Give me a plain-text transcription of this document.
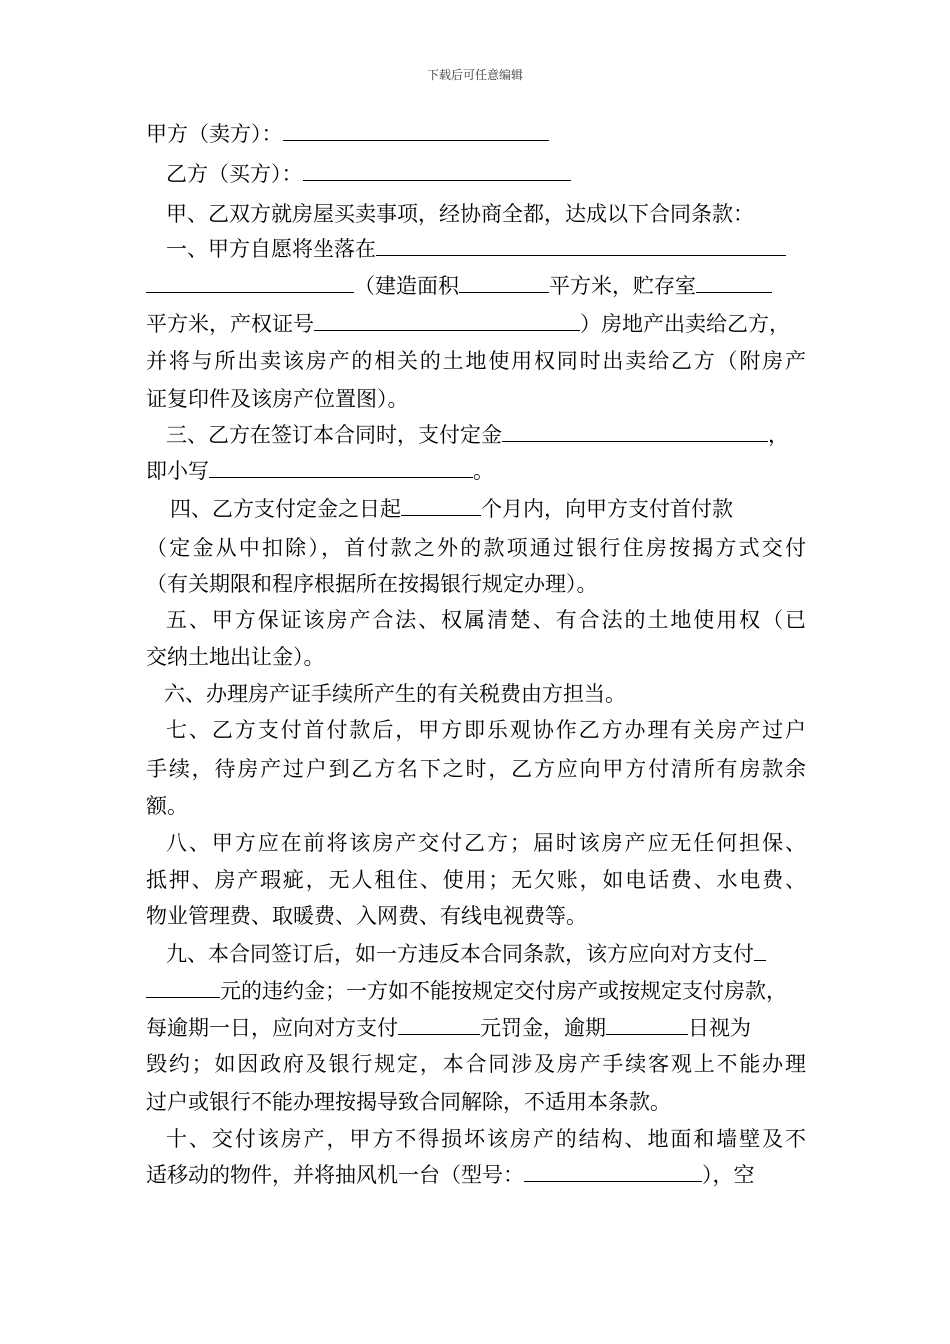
下载后可任意编辑
甲方（卖方）：
乙方（买方）：
甲、乙双方就房屋买卖事项，经协商全都，达成以下合同条款：
一、甲方自愿将坐落在
（建造面积	平方米，贮存室
平方米，产权证号	）房地产出卖给乙方，
并将与所出卖该房产的相关的土地使用权同时出卖给乙方（附房产
证复印件及该房产位置图）。
三、乙方在签订本合同时，支付定金	，
即小写	。
四、乙方支付定金之日起	个月内，向甲方支付首付款
（定金从中扣除），首付款之外的款项通过银行住房按揭方式交付
（有关期限和程序根据所在按揭银行规定办理）。
五、甲方保证该房产合法、权属清楚、有合法的土地使用权（已
交纳土地出让金）。
六、办理房产证手续所产生的有关税费由方担当。
七、乙方支付首付款后，甲方即乐观协作乙方办理有关房产过户
手续，待房产过户到乙方名下之时，乙方应向甲方付清所有房款余
额。
八、甲方应在前将该房产交付乙方；届时该房产应无任何担保、
抵押、房产瑕疵，无人租住、使用；无欠账，如电话费、水电费、
物业管理费、取暖费、入网费、有线电视费等。
九、本合同签订后，如一方违反本合同条款，该方应向对方支付
元的违约金；一方如不能按规定交付房产或按规定支付房款，
每逾期一日，应向对方支付	元罚金，逾期	日视为
毁约；如因政府及银行规定，本合同涉及房产手续客观上不能办理
过户或银行不能办理按揭导致合同解除，不适用本条款。
十、交付该房产，甲方不得损坏该房产的结构、地面和墙壁及不
适移动的物件，并将抽风机一台（型号：	），空
